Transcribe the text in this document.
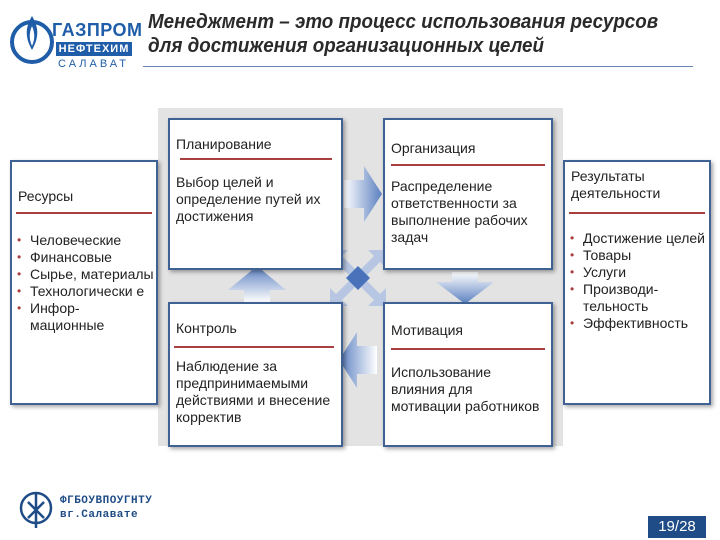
ГАЗПРОМ
НЕФТЕХИМ
САЛАВАТ
Менеджмент – это процесс использования ресурсов
для достижения организационных целей
Ресурсы
• Человеческие
• Финансовые
• Сырье, материалы
• Технологически е
• Инфор- мационные
Планирование
Выбор целей и определение путей их достижения
Организация
Распределение ответственности за выполнение рабочих задач
Контроль
Наблюдение за предпринимаемыми действиями и внесение корректив
Мотивация
Использование влияния для мотивации работников
Результаты деятельности
• Достижение целей
• Товары
• Услуги
• Производи- тельность
• Эффективность
ФГБОУВПОУГНТУ
вг.Салавате
19/28
